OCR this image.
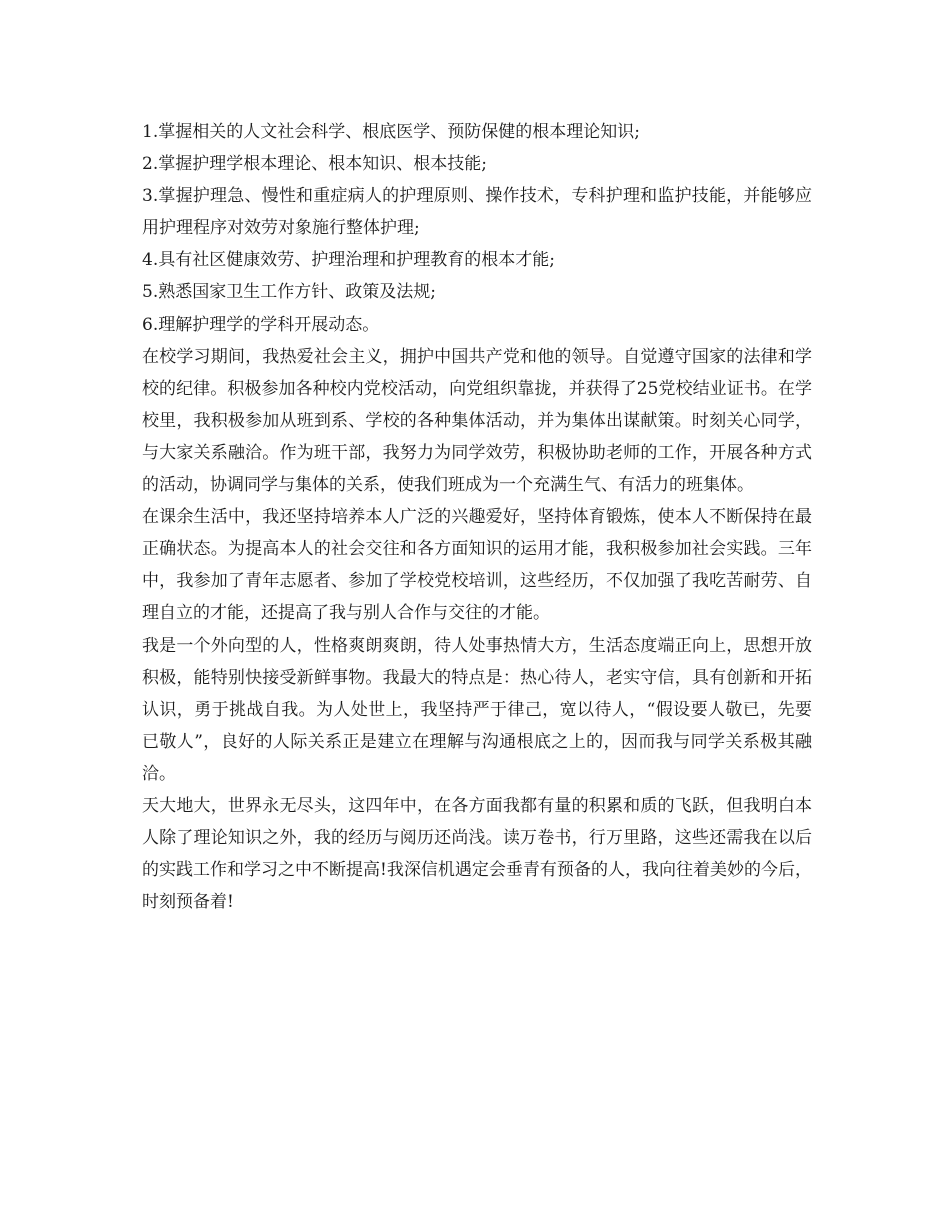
1.掌握相关的人文社会科学、根底医学、预防保健的根本理论知识;

2.掌握护理学根本理论、根本知识、根本技能;

3.掌握护理急、慢性和重症病人的护理原则、操作技术，专科护理和监护技能，并能够应用护理程序对效劳对象施行整体护理;

4.具有社区健康效劳、护理治理和护理教育的根本才能;

5.熟悉国家卫生工作方针、政策及法规;

6.理解护理学的学科开展动态。

在校学习期间，我热爱社会主义，拥护中国共产党和他的领导。自觉遵守国家的法律和学校的纪律。积极参加各种校内党校活动，向党组织靠拢，并获得了25党校结业证书。在学校里，我积极参加从班到系、学校的各种集体活动，并为集体出谋献策。时刻关心同学，与大家关系融洽。作为班干部，我努力为同学效劳，积极协助老师的工作，开展各种方式的活动，协调同学与集体的关系，使我们班成为一个充满生气、有活力的班集体。

在课余生活中，我还坚持培养本人广泛的兴趣爱好，坚持体育锻炼，使本人不断保持在最正确状态。为提高本人的社会交往和各方面知识的运用才能，我积极参加社会实践。三年中，我参加了青年志愿者、参加了学校党校培训，这些经历，不仅加强了我吃苦耐劳、自理自立的才能，还提高了我与别人合作与交往的才能。

我是一个外向型的人，性格爽朗爽朗，待人处事热情大方，生活态度端正向上，思想开放积极，能特别快接受新鲜事物。我最大的特点是：热心待人，老实守信，具有创新和开拓认识，勇于挑战自我。为人处世上，我坚持严于律己，宽以待人，“假设要人敬已，先要已敬人”，良好的人际关系正是建立在理解与沟通根底之上的，因而我与同学关系极其融洽。

天大地大，世界永无尽头，这四年中，在各方面我都有量的积累和质的飞跃，但我明白本人除了理论知识之外，我的经历与阅历还尚浅。读万卷书，行万里路，这些还需我在以后的实践工作和学习之中不断提高!我深信机遇定会垂青有预备的人，我向往着美妙的今后，时刻预备着!
